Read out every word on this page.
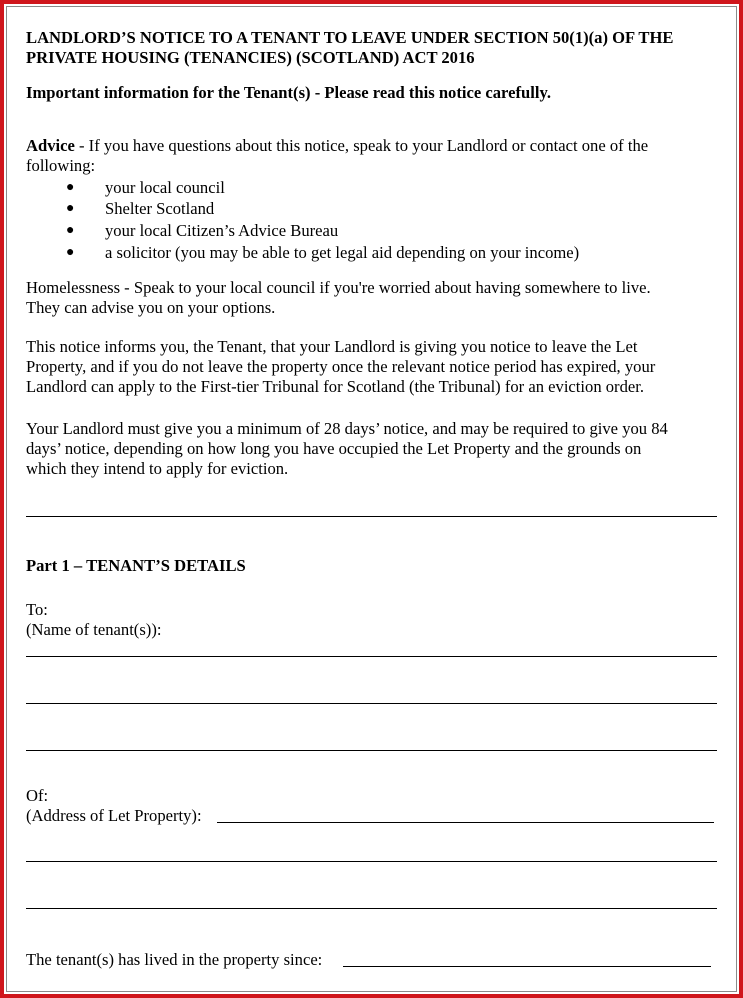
LANDLORD’S NOTICE TO A TENANT TO LEAVE UNDER SECTION 50(1)(a) OF THE
PRIVATE HOUSING (TENANCIES) (SCOTLAND) ACT 2016
Important information for the Tenant(s) - Please read this notice carefully.
Advice - If you have questions about this notice, speak to your Landlord or contact one of the
following:
● your local council
● Shelter Scotland
● your local Citizen’s Advice Bureau
● a solicitor (you may be able to get legal aid depending on your income)
Homelessness - Speak to your local council if you're worried about having somewhere to live.
They can advise you on your options.
This notice informs you, the Tenant, that your Landlord is giving you notice to leave the Let
Property, and if you do not leave the property once the relevant notice period has expired, your
Landlord can apply to the First-tier Tribunal for Scotland (the Tribunal) for an eviction order.
Your Landlord must give you a minimum of 28 days’ notice, and may be required to give you 84
days’ notice, depending on how long you have occupied the Let Property and the grounds on
which they intend to apply for eviction.
Part 1 – TENANT’S DETAILS
To:
(Name of tenant(s)):
Of:
(Address of Let Property):
The tenant(s) has lived in the property since:
